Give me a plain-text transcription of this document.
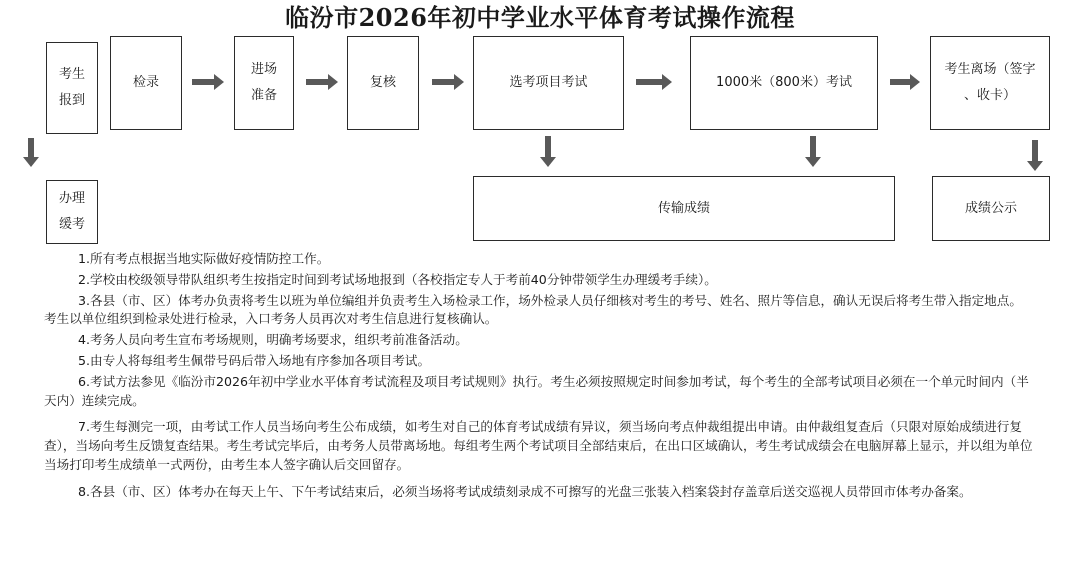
临汾市2026年初中学业水平体育考试操作流程
考生
报到
检录
进场
准备
复核	选考项目考试	1000米（800米）考试
考生离场（签字
、收卡）
办理
缓考
传输成绩	成绩公示
1.所有考点根据当地实际做好疫情防控工作。
2.学校由校级领导带队组织考生按指定时间到考试场地报到（各校指定专人于考前40分钟带领学生办理缓考手续）。
3.各县（市、区）体考办负责将考生以班为单位编组并负责考生入场检录工作，场外检录人员仔细核对考生的考号、姓名、照片等信息，确认无误后将考生带入指定地点。考生以单位组织到检录处进行检录，入口考务人员再次对考生信息进行复核确认。
4.考务人员向考生宣布考场规则，明确考场要求，组织考前准备活动。
5.由专人将每组考生佩带号码后带入场地有序参加各项目考试。
6.考试方法参见《临汾市2026年初中学业水平体育考试流程及项目考试规则》执行。考生必须按照规定时间参加考试，每个考生的全部考试项目必须在一个单元时间内（半天内）连续完成。
7.考生每测完一项，由考试工作人员当场向考生公布成绩，如考生对自己的体育考试成绩有异议，须当场向考点仲裁组提出申请。由仲裁组复查后（只限对原始成绩进行复查），当场向考生反馈复查结果。考生考试完毕后，由考务人员带离场地。每组考生两个考试项目全部结束后，在出口区域确认，考生考试成绩会在电脑屏幕上显示，并以组为单位当场打印考生成绩单一式两份，由考生本人签字确认后交回留存。
8.各县（市、区）体考办在每天上午、下午考试结束后，必须当场将考试成绩刻录成不可擦写的光盘三张装入档案袋封存盖章后送交巡视人员带回市体考办备案。
